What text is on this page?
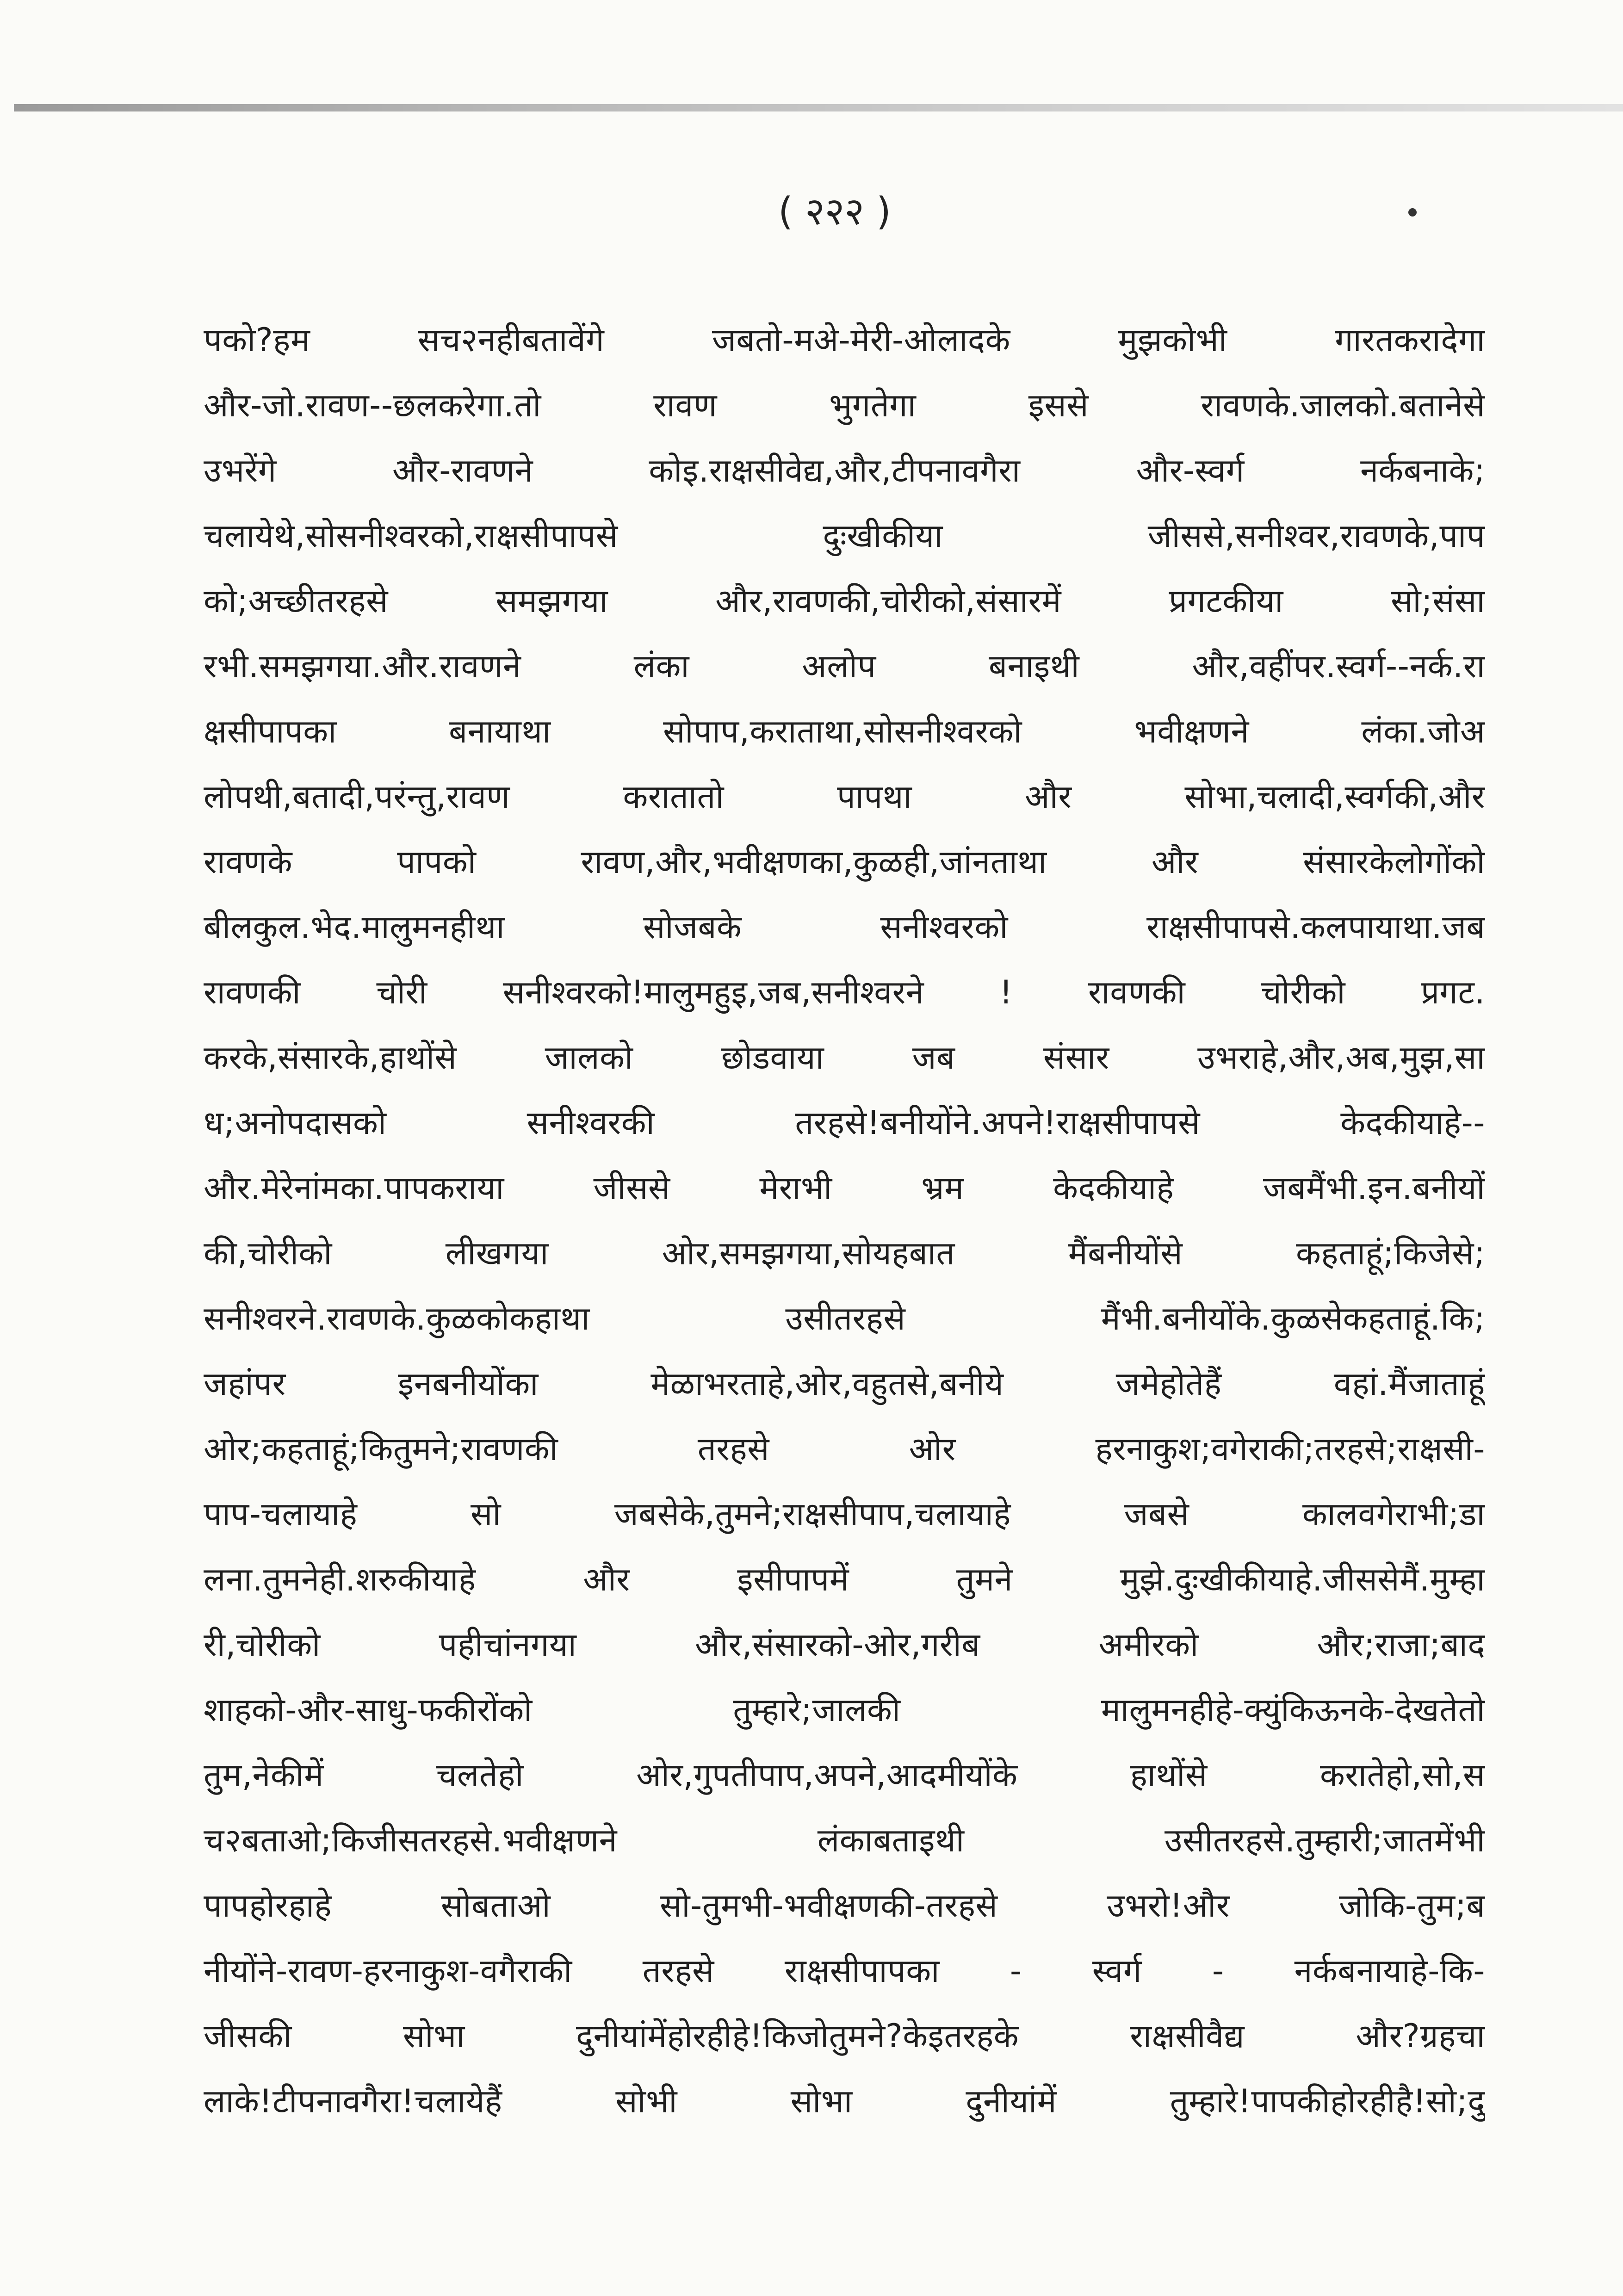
( २२२ )
पको?हम सच२नहीबतावेंगे जबतो-मअे-मेरी-ओलादके मुझकोभी गारतकरादेगा
और-जो.रावण--छलकरेगा.तो रावण भुगतेगा इससे रावणके.जालको.बतानेसे
उभरेंगे और-रावणने कोइ.राक्षसीवेद्य,और,टीपनावगैरा और-स्वर्ग नर्कबनाके;
चलायेथे,सोसनीश्वरको,राक्षसीपापसे दुःखीकीया जीससे,सनीश्वर,रावणके,पाप
को;अच्छीतरहसे समझगया और,रावणकी,चोरीको,संसारमें प्रगटकीया सो;संसा
रभी.समझगया.और.रावणने लंका अलोप बनाइथी और,वहींपर.स्वर्ग--नर्क.रा
क्षसीपापका बनायाथा सोपाप,कराताथा,सोसनीश्वरको भवीक्षणने लंका.जोअ
लोपथी,बतादी,परंन्तु,रावण करातातो पापथा और सोभा,चलादी,स्वर्गकी,और
रावणके पापको रावण,और,भवीक्षणका,कुळही,जांनताथा और संसारकेलोगोंको
बीलकुल.भेद.मालुमनहीथा सोजबके सनीश्वरको राक्षसीपापसे.कलपायाथा.जब
रावणकी चोरी सनीश्वरको!मालुमहुइ,जब,सनीश्वरने ! रावणकी चोरीको प्रगट.
करके,संसारके,हाथोंसे जालको छोडवाया जब संसार उभराहे,और,अब,मुझ,सा
ध;अनोपदासको सनीश्वरकी तरहसे!बनीयोंने.अपने!राक्षसीपापसे केदकीयाहे--
और.मेरेनांमका.पापकराया जीससे मेराभी भ्रम केदकीयाहे जबमैंभी.इन.बनीयों
की,चोरीको लीखगया ओर,समझगया,सोयहबात मैंबनीयोंसे कहताहूं;किजेसे;
सनीश्वरने.रावणके.कुळकोकहाथा उसीतरहसे मैंभी.बनीयोंके.कुळसेकहताहूं.कि;
जहांपर इनबनीयोंका मेळाभरताहे,ओर,वहुतसे,बनीये जमेहोतेहैं वहां.मैंजाताहूं
ओर;कहताहूं;कितुमने;रावणकी तरहसे ओर हरनाकुश;वगेराकी;तरहसे;राक्षसी-
पाप-चलायाहे सो जबसेके,तुमने;राक्षसीपाप,चलायाहे जबसे कालवगेराभी;डा
लना.तुमनेही.शरुकीयाहे और इसीपापमें तुमने मुझे.दुःखीकीयाहे.जीससेमैं.मुम्हा
री,चोरीको पहीचांनगया और,संसारको-ओर,गरीब अमीरको और;राजा;बाद
शाहको-और-साधु-फकीरोंको तुम्हारे;जालकी मालुमनहीहे-क्युंकिऊनके-देखतेतो
तुम,नेकीमें चलतेहो ओर,गुपतीपाप,अपने,आदमीयोंके हाथोंसे करातेहो,सो,स
च२बताओ;किजीसतरहसे.भवीक्षणने लंकाबताइथी उसीतरहसे.तुम्हारी;जातमेंभी
पापहोरहाहे सोबताओ सो-तुमभी-भवीक्षणकी-तरहसे उभरो!और जोकि-तुम;ब
नीयोंने-रावण-हरनाकुश-वगैराकी तरहसे राक्षसीपापका - स्वर्ग - नर्कबनायाहे-कि-
जीसकी सोभा दुनीयांमेंहोरहीहे!किजोतुमने?केइतरहके राक्षसीवैद्य और?ग्रहचा
लाके!टीपनावगैरा!चलायेहैं सोभी सोभा दुनीयांमें तुम्हारे!पापकीहोरहीहै!सो;दु
